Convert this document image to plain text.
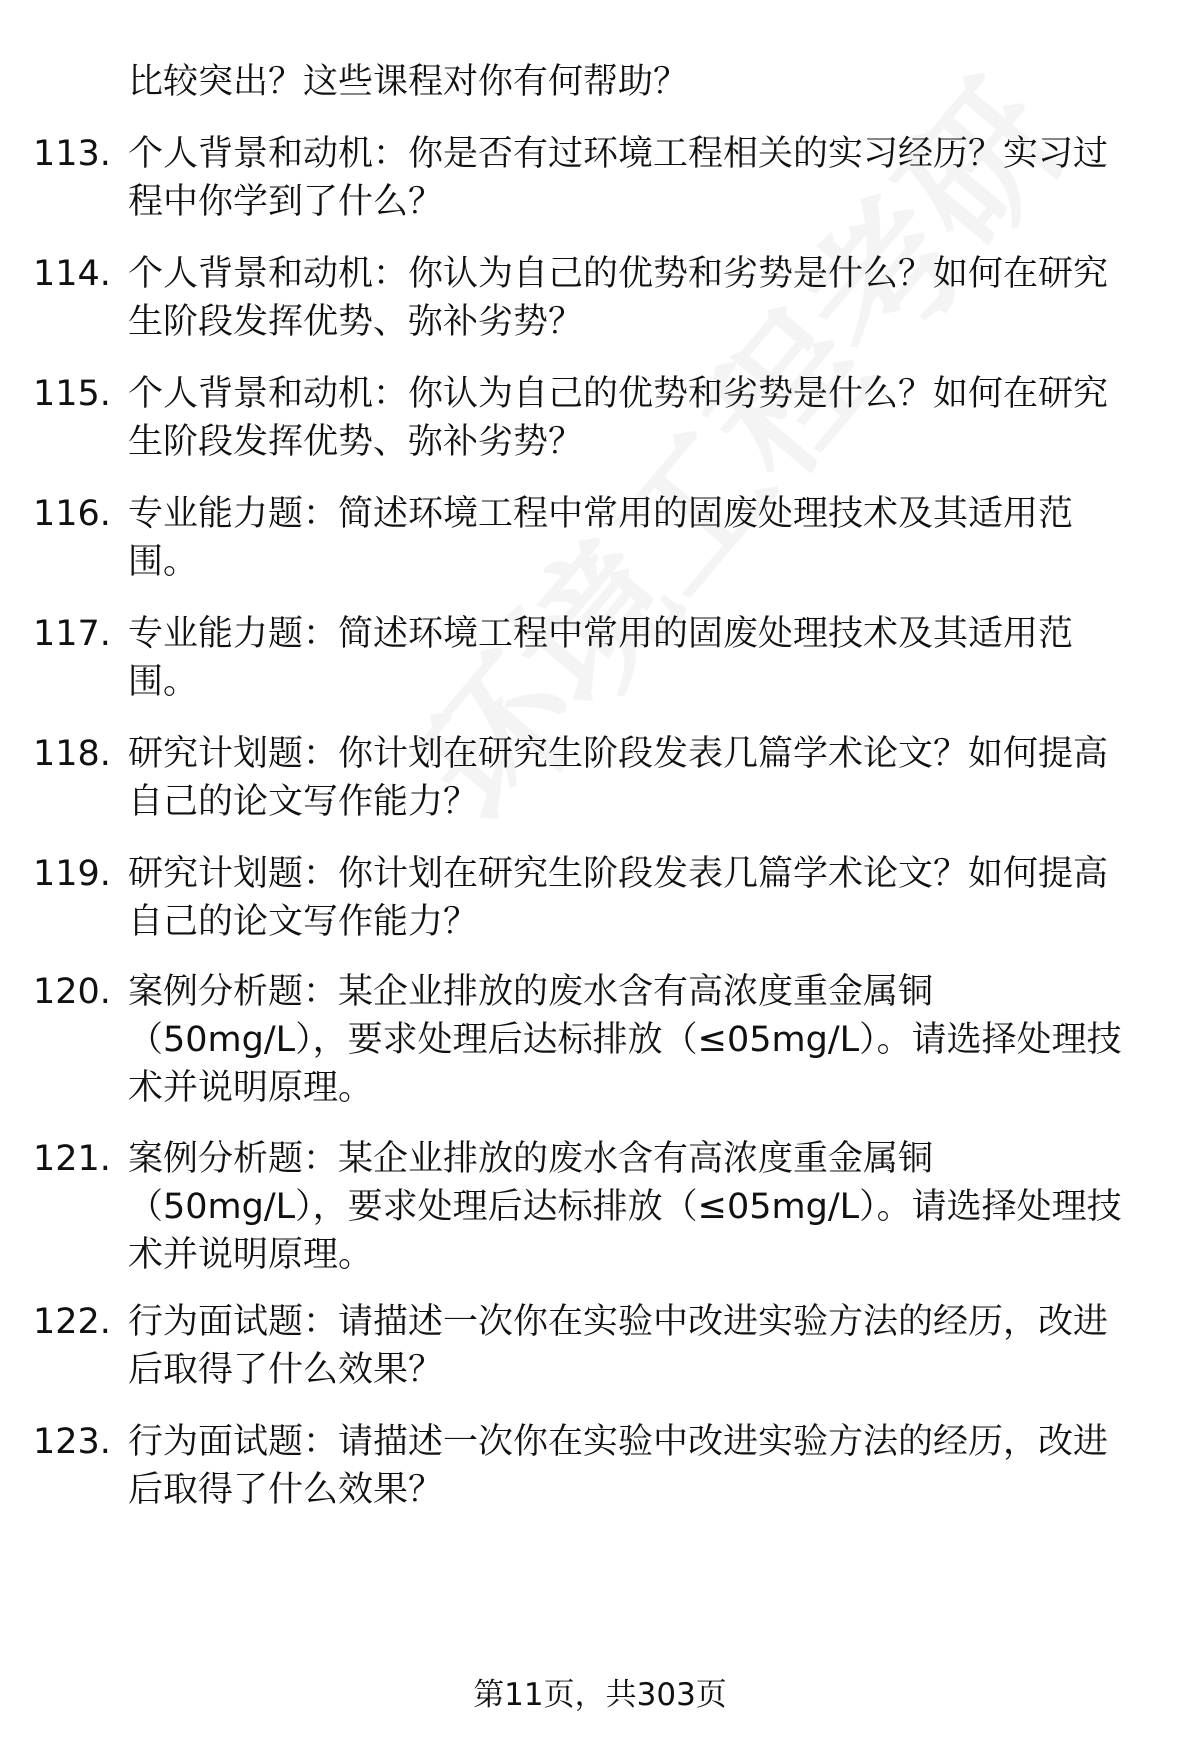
比较突出？这些课程对你有何帮助？

113. 个人背景和动机：你是否有过环境工程相关的实习经历？实习过程中你学到了什么？

114. 个人背景和动机：你认为自己的优势和劣势是什么？如何在研究生阶段发挥优势、弥补劣势？

115. 个人背景和动机：你认为自己的优势和劣势是什么？如何在研究生阶段发挥优势、弥补劣势？

116. 专业能力题：简述环境工程中常用的固废处理技术及其适用范围。

117. 专业能力题：简述环境工程中常用的固废处理技术及其适用范围。

118. 研究计划题：你计划在研究生阶段发表几篇学术论文？如何提高自己的论文写作能力？

119. 研究计划题：你计划在研究生阶段发表几篇学术论文？如何提高自己的论文写作能力？

120. 案例分析题：某企业排放的废水含有高浓度重金属铜（50mg/L），要求处理后达标排放（≤05mg/L）。请选择处理技术并说明原理。

121. 案例分析题：某企业排放的废水含有高浓度重金属铜（50mg/L），要求处理后达标排放（≤05mg/L）。请选择处理技术并说明原理。

122. 行为面试题：请描述一次你在实验中改进实验方法的经历，改进后取得了什么效果？

123. 行为面试题：请描述一次你在实验中改进实验方法的经历，改进后取得了什么效果？

第11页，共303页
